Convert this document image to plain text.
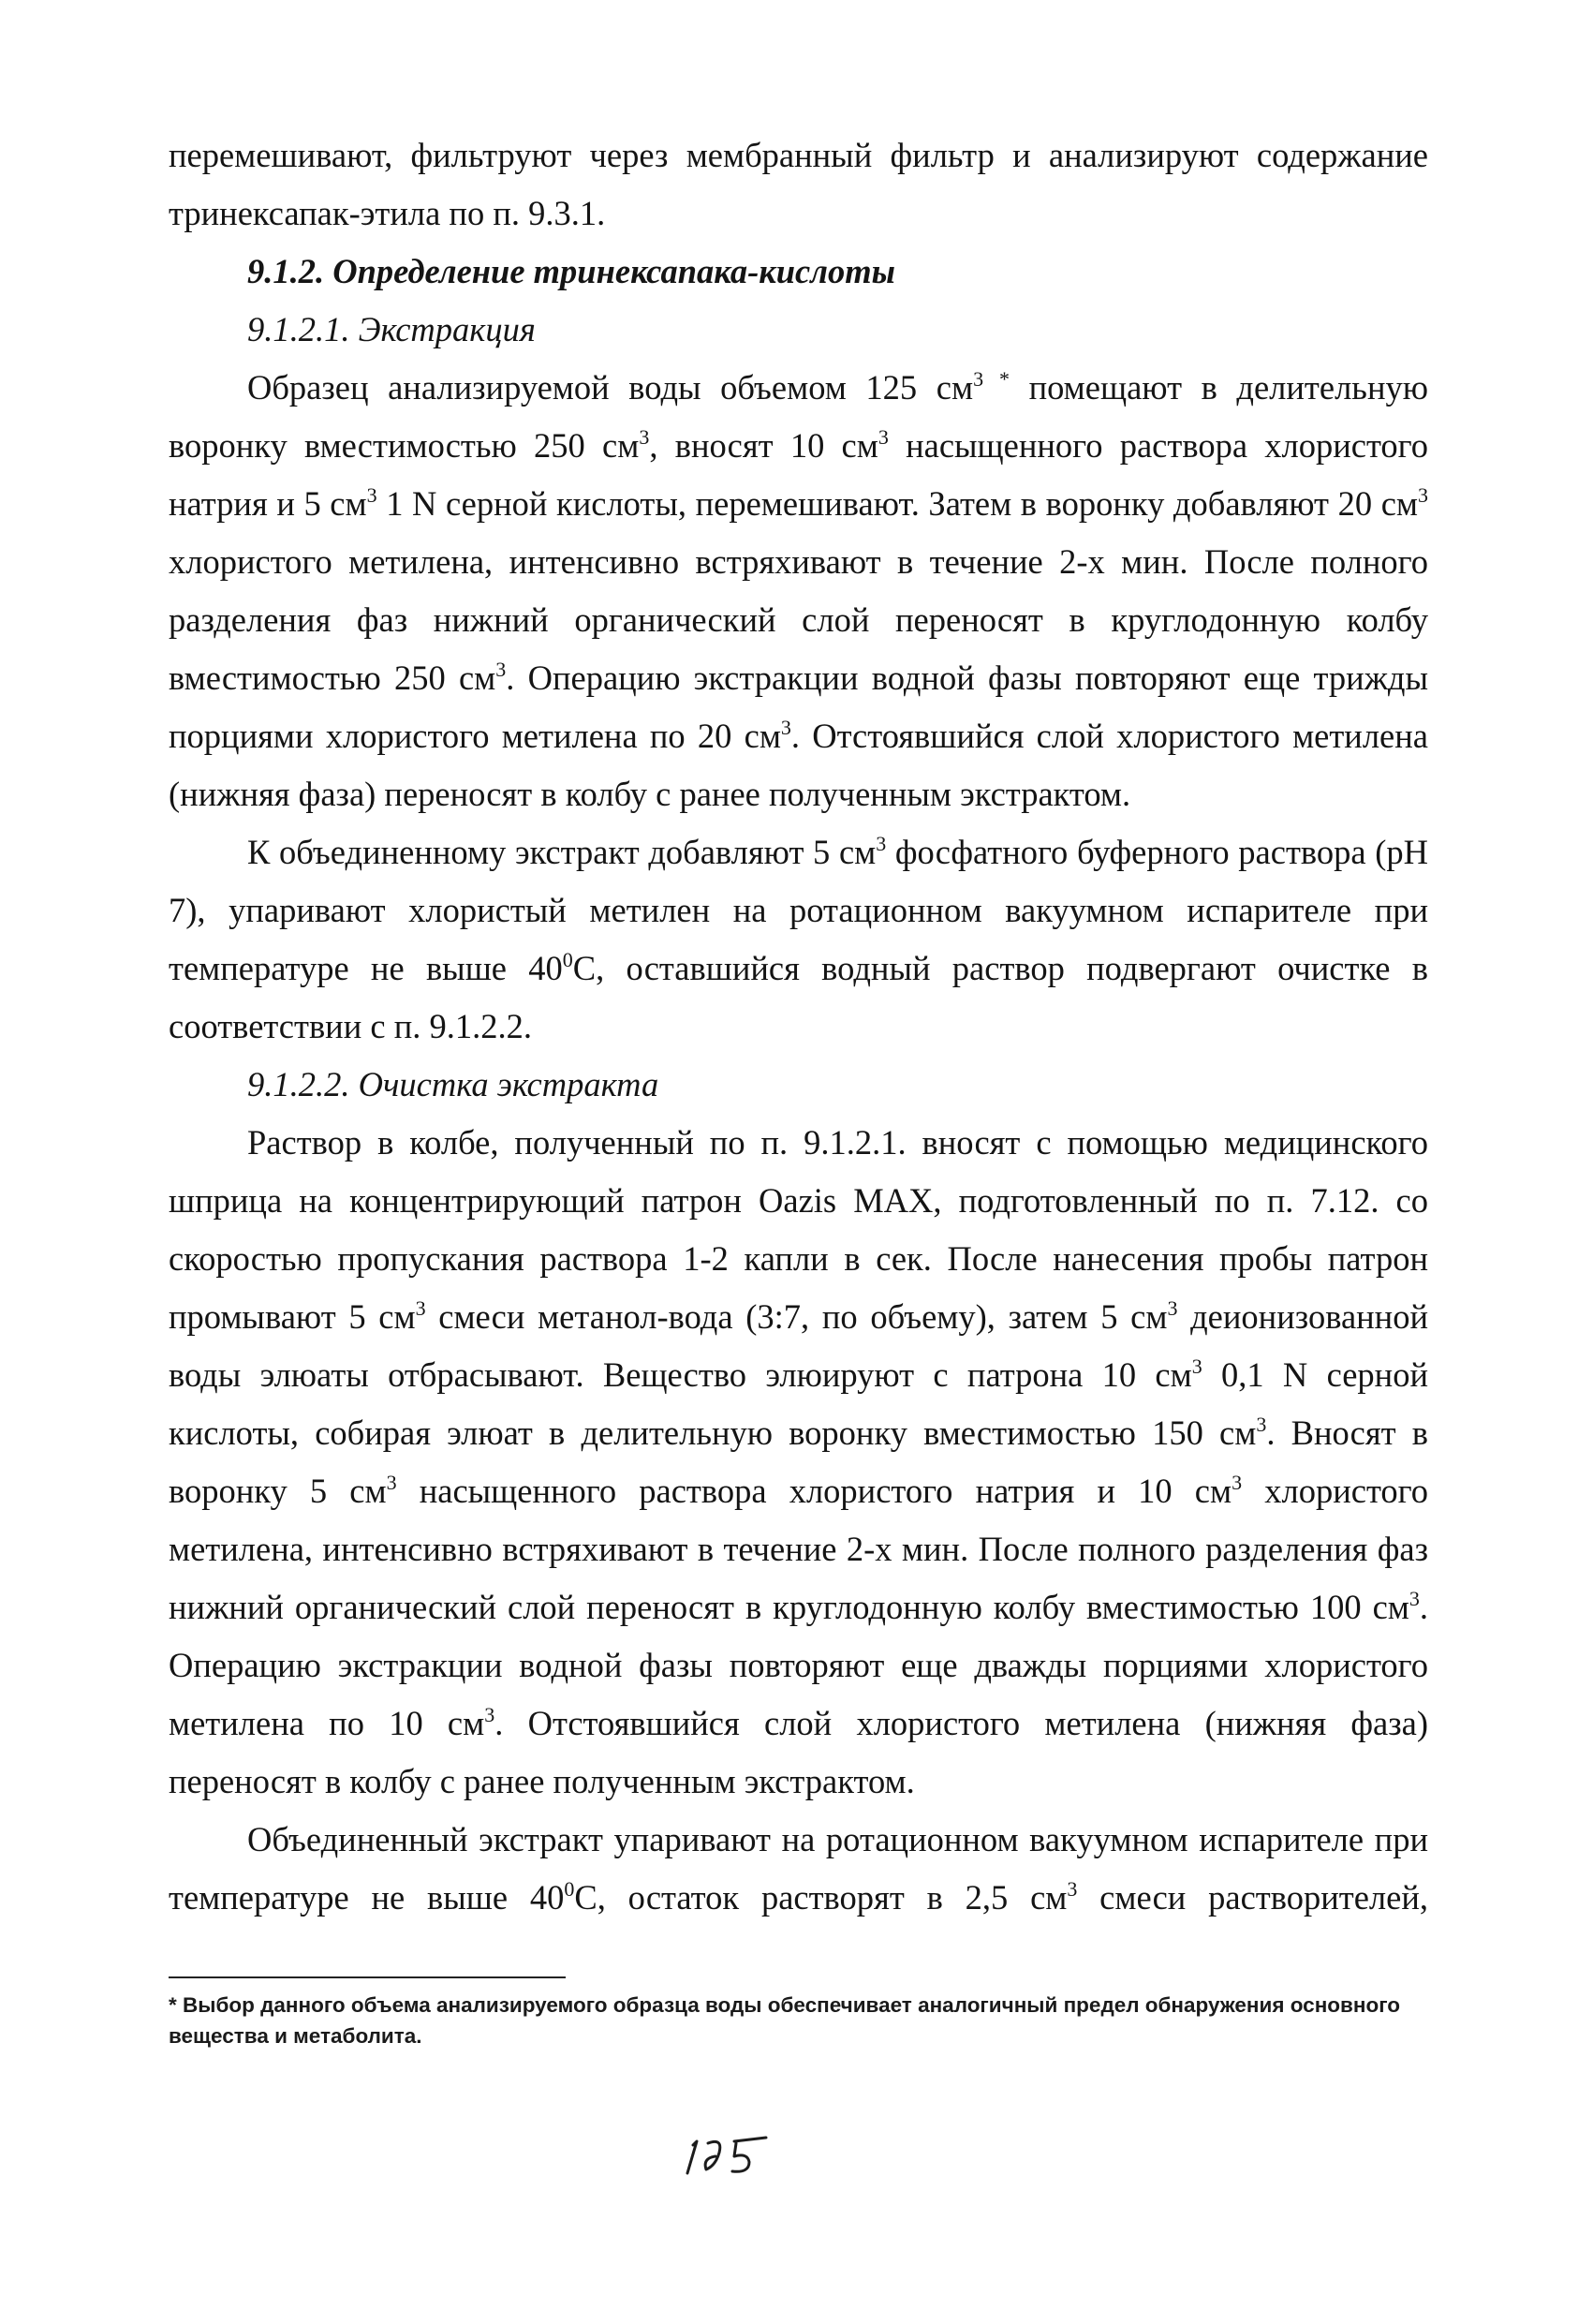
перемешивают, фильтруют через мембранный фильтр и анализируют содержание

тринексапак-этила по п. 9.3.1.

9.1.2. Определение тринексапака-кислоты

9.1.2.1. Экстракция

Образец анализируемой воды объемом 125 $см^{3 *}$ помещают в делительную воронку вместимостью 250 $см^3$, вносят 10 $см^3$ насыщенного раствора хлористого натрия и 5 $см^3$ 1 N серной кислоты, перемешивают. Затем в воронку добавляют 20 $см^3$ хлористого метилена, интенсивно встряхивают в течение 2-х мин. После полного разделения фаз нижний органический слой переносят в круглодонную колбу вместимостью 250 $см^3$. Операцию экстракции водной фазы повторяют еще трижды порциями хлористого метилена по 20 $см^3$. Отстоявшийся слой хлористого метилена (нижняя фаза) переносят в колбу с ранее полученным экстрактом.

К объединенному экстракт добавляют 5 $см^3$ фосфатного буферного раствора (рН 7), упаривают хлористый метилен на ротационном вакуумном испарителе при температуре не выше $40^0С$, оставшийся водный раствор подвергают очистке в соответствии с п. 9.1.2.2.

9.1.2.2. Очистка экстракта

Раствор в колбе, полученный по п. 9.1.2.1. вносят с помощью медицинского шприца на концентрирующий патрон Oazis MAX, подготовленный по п. 7.12. со скоростью пропускания раствора 1-2 капли в сек. После нанесения пробы патрон промывают 5 $см^3$ смеси метанол-вода (3:7, по объему), затем 5 $см^3$ деионизованной воды элюаты отбрасывают. Вещество элюируют с патрона 10 $см^3$ 0,1 N серной кислоты, собирая элюат в делительную воронку вместимостью 150 $см^3$. Вносят в воронку 5 $см^3$ насыщенного раствора хлористого натрия и 10 $см^3$ хлористого метилена, интенсивно встряхивают в течение 2-х мин. После полного разделения фаз нижний органический слой переносят в круглодонную колбу вместимостью 100 $см^3$. Операцию экстракции водной фазы повторяют еще дважды порциями хлористого метилена по 10 $см^3$. Отстоявшийся слой хлористого метилена (нижняя фаза) переносят в колбу с ранее полученным экстрактом.

Объединенный экстракт упаривают на ротационном вакуумном испарителе при температуре не выше $40^0С$, остаток растворят в 2,5 $см^3$ смеси растворителей,

* Выбор данного объема анализируемого образца воды обеспечивает аналогичный предел обнаружения основного вещества и метаболита.
